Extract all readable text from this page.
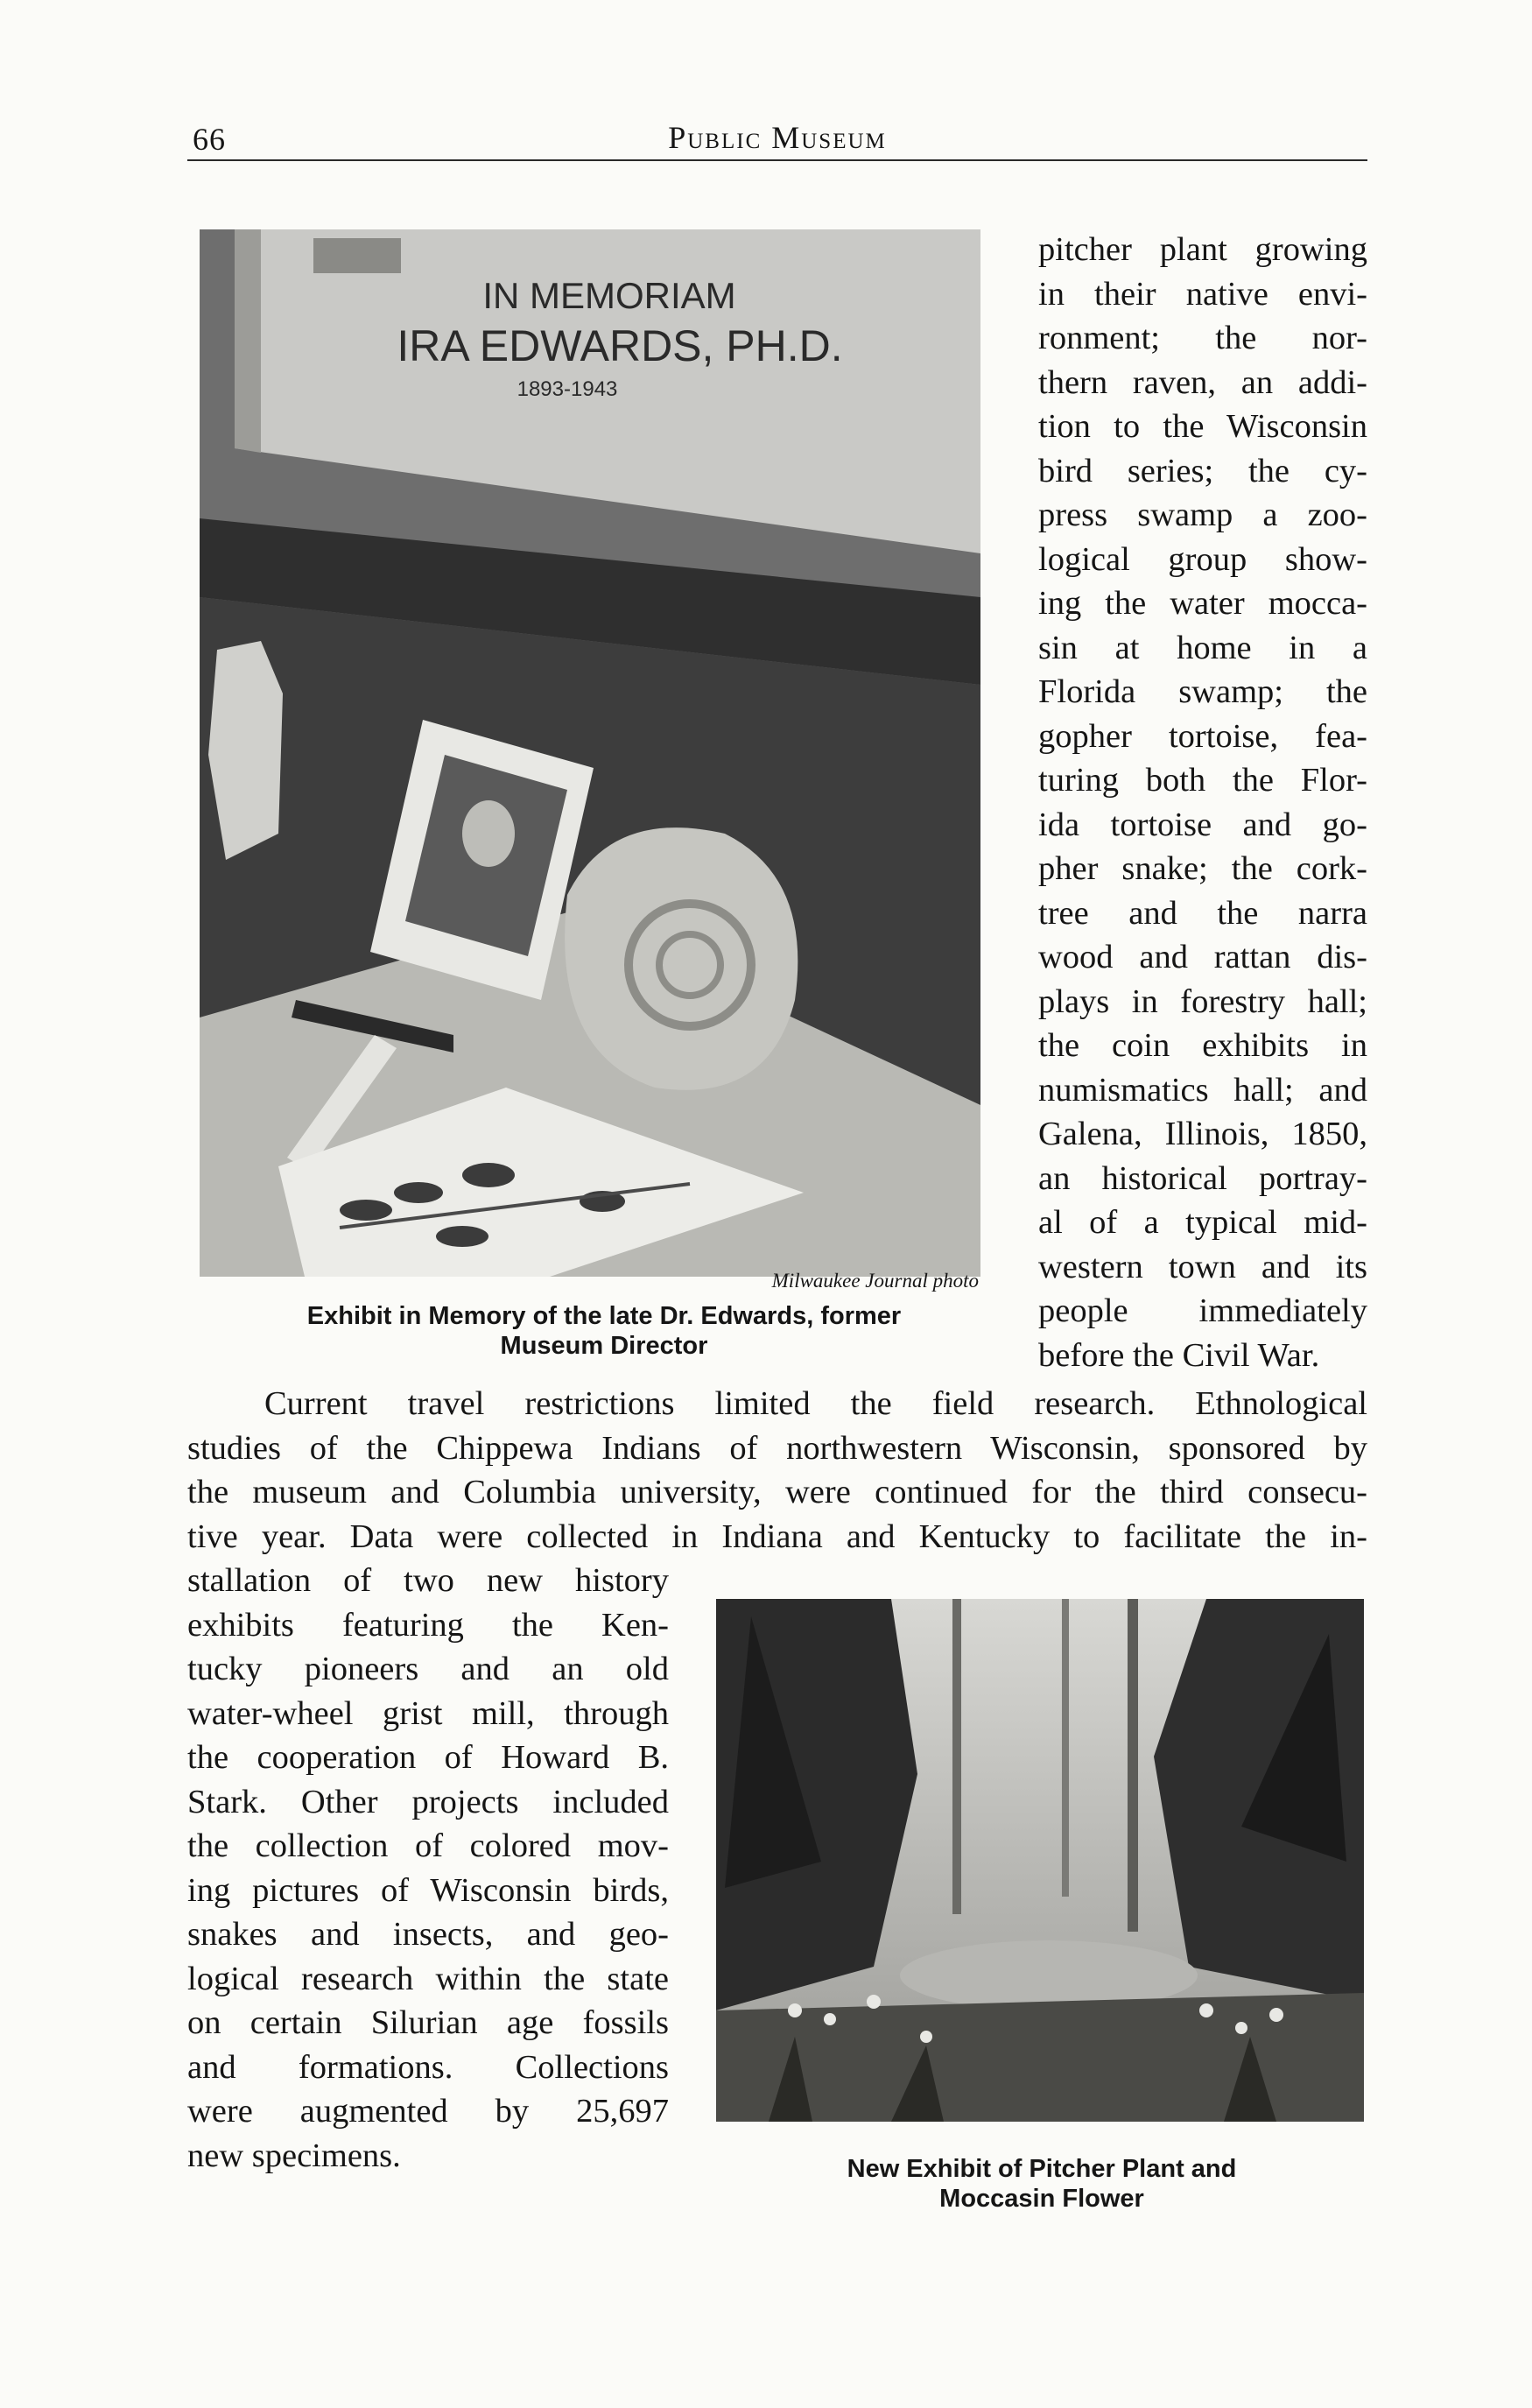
66	Public Museum
IN MEMORIAM
IRA EDWARDS, PH.D.
1893-1943
Milwaukee Journal photo
Exhibit in Memory of the late Dr. Edwards, former
Museum Director
pitcher plant growing
in their native envi-
ronment; the nor-
thern raven, an addi-
tion to the Wisconsin
bird series; the cy-
press swamp a zoo-
logical group show-
ing the water mocca-
sin at home in a
Florida swamp; the
gopher tortoise, fea-
turing both the Flor-
ida tortoise and go-
pher snake; the cork-
tree and the narra
wood and rattan dis-
plays in forestry hall;
the coin exhibits in
numismatics hall; and
Galena, Illinois, 1850,
an historical portray-
al of a typical mid-
western town and its
people immediately
before the Civil War.
Current travel restrictions limited the field research. Ethnological
studies of the Chippewa Indians of northwestern Wisconsin, sponsored by
the museum and Columbia university, were continued for the third consecu-
tive year. Data were collected in Indiana and Kentucky to facilitate the in-
stallation of two new history
exhibits featuring the Ken-
tucky pioneers and an old
water-wheel grist mill, through
the cooperation of Howard B.
Stark. Other projects included
the collection of colored mov-
ing pictures of Wisconsin birds,
snakes and insects, and geo-
logical research within the state
on certain Silurian age fossils
and formations. Collections
were augmented by 25,697
new specimens.	New Exhibit of Pitcher Plant and
Moccasin Flower
